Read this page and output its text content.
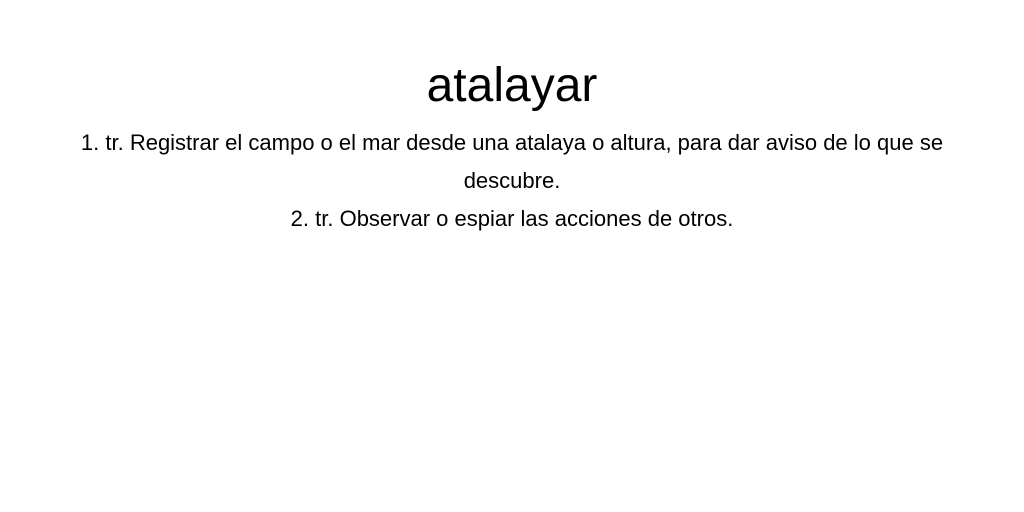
atalayar

1. tr. Registrar el campo o el mar desde una atalaya o altura, para dar aviso de lo que se descubre.

2. tr. Observar o espiar las acciones de otros.
